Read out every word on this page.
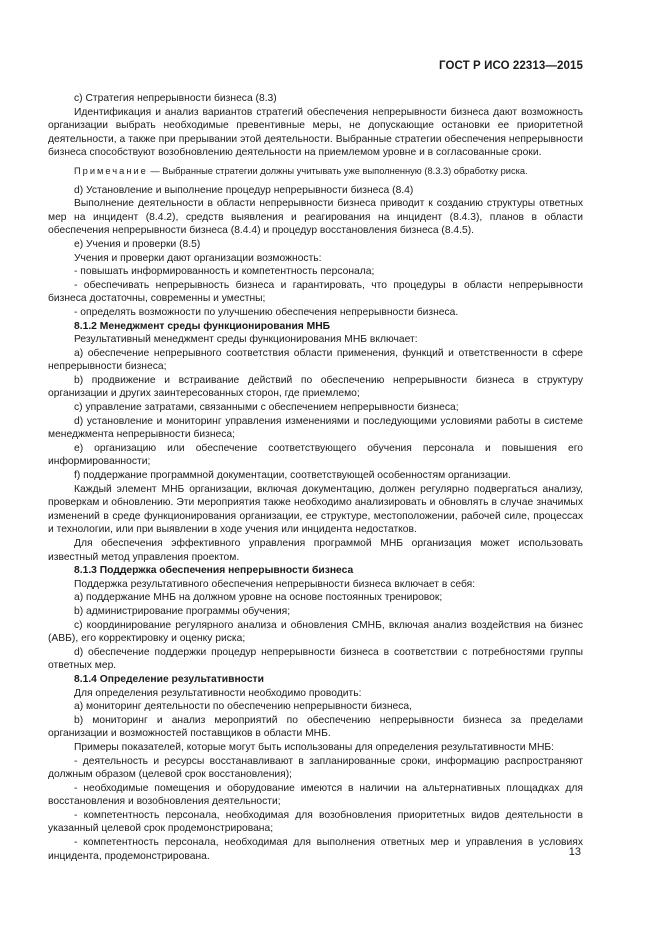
ГОСТ Р ИСО 22313—2015

c) Стратегия непрерывности бизнеса (8.3)

Идентификация и анализ вариантов стратегий обеспечения непрерывности бизнеса дают возможность организации выбрать необходимые превентивные меры, не допускающие остановки ее приоритетной деятельности, а также при прерывании этой деятельности. Выбранные стратегии обеспечения непрерывности бизнеса способствуют возобновлению деятельности на приемлемом уровне и в согласованные сроки.

Примечание — Выбранные стратегии должны учитывать уже выполненную (8.3.3) обработку риска.

d) Установление и выполнение процедур непрерывности бизнеса (8.4)

Выполнение деятельности в области непрерывности бизнеса приводит к созданию структуры ответных мер на инцидент (8.4.2), средств выявления и реагирования на инцидент (8.4.3), планов в области обеспечения непрерывности бизнеса (8.4.4) и процедур восстановления бизнеса (8.4.5).

е) Учения и проверки (8.5)

Учения и проверки дают организации возможность:

- повышать информированность и компетентность персонала;

- обеспечивать непрерывность бизнеса и гарантировать, что процедуры в области непрерывности бизнеса достаточны, современны и уместны;

- определять возможности по улучшению обеспечения непрерывности бизнеса.

8.1.2 Менеджмент среды функционирования МНБ

Результативный менеджмент среды функционирования МНБ включает:

a) обеспечение непрерывного соответствия области применения, функций и ответственности в сфере непрерывности бизнеса;

b) продвижение и встраивание действий по обеспечению непрерывности бизнеса в структуру организации и других заинтересованных сторон, где приемлемо;

c) управление затратами, связанными с обеспечением непрерывности бизнеса;

d) установление и мониторинг управления изменениями и последующими условиями работы в системе менеджмента непрерывности бизнеса;

e) организацию или обеспечение соответствующего обучения персонала и повышения его информированности;

f) поддержание программной документации, соответствующей особенностям организации.

Каждый элемент МНБ организации, включая документацию, должен регулярно подвергаться анализу, проверкам и обновлению. Эти мероприятия также необходимо анализировать и обновлять в случае значимых изменений в среде функционирования организации, ее структуре, местоположении, рабочей силе, процессах и технологии, или при выявлении в ходе учения или инцидента недостатков.

Для обеспечения эффективного управления программой МНБ организация может использовать известный метод управления проектом.

8.1.3 Поддержка обеспечения непрерывности бизнеса

Поддержка результативного обеспечения непрерывности бизнеса включает в себя:

a) поддержание МНБ на должном уровне на основе постоянных тренировок;

b) администрирование программы обучения;

c) координирование регулярного анализа и обновления СМНБ, включая анализ воздействия на бизнес (АВБ), его корректировку и оценку риска;

d) обеспечение поддержки процедур непрерывности бизнеса в соответствии с потребностями группы ответных мер.

8.1.4 Определение результативности

Для определения результативности необходимо проводить:

a) мониторинг деятельности по обеспечению непрерывности бизнеса,

b) мониторинг и анализ мероприятий по обеспечению непрерывности бизнеса за пределами организации и возможностей поставщиков в области МНБ.

Примеры показателей, которые могут быть использованы для определения результативности МНБ:

- деятельность и ресурсы восстанавливают в запланированные сроки, информацию распространяют должным образом (целевой срок восстановления);

- необходимые помещения и оборудование имеются в наличии на альтернативных площадках для восстановления и возобновления деятельности;

- компетентность персонала, необходимая для возобновления приоритетных видов деятельности в указанный целевой срок продемонстрирована;

- компетентность персонала, необходимая для выполнения ответных мер и управления в условиях инцидента, продемонстрирована.	13
